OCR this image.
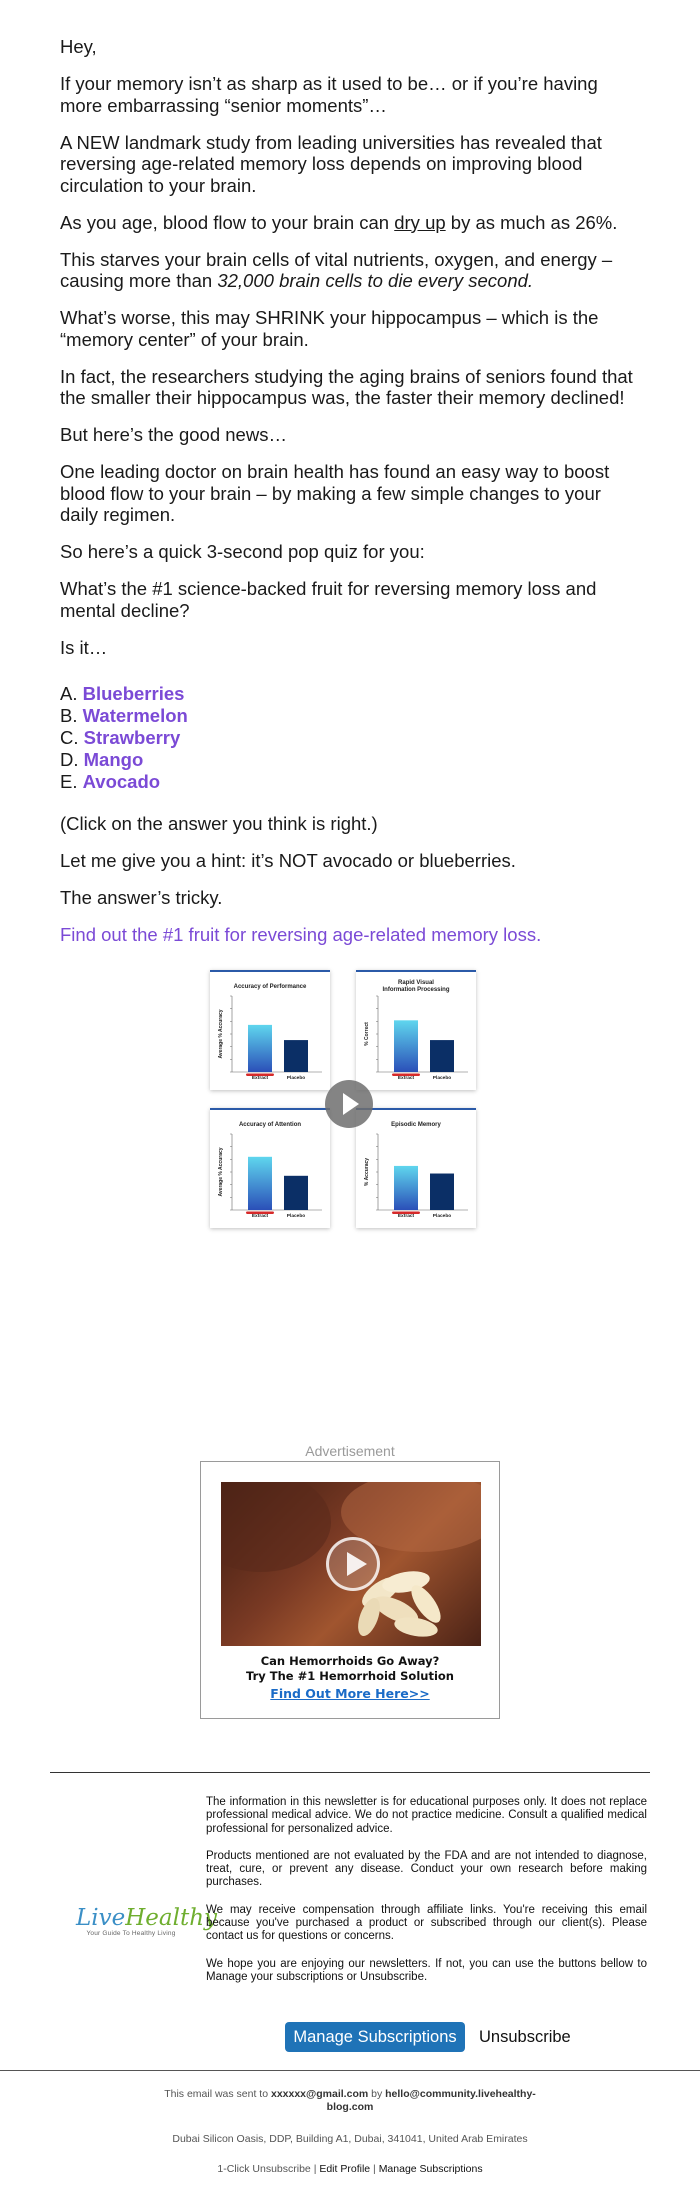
Hey,

If your memory isn’t as sharp as it used to be… or if you’re having more embarrassing “senior moments”…

A NEW landmark study from leading universities has revealed that reversing age-related memory loss depends on improving blood circulation to your brain.

As you age, blood flow to your brain can dry up by as much as 26%.

This starves your brain cells of vital nutrients, oxygen, and energy – causing more than 32,000 brain cells to die every second.

What’s worse, this may SHRINK your hippocampus – which is the “memory center” of your brain.

In fact, the researchers studying the aging brains of seniors found that the smaller their hippocampus was, the faster their memory declined!

But here’s the good news…

One leading doctor on brain health has found an easy way to boost blood flow to your brain – by making a few simple changes to your daily regimen.

So here’s a quick 3-second pop quiz for you:

What’s the #1 science-backed fruit for reversing memory loss and mental decline?

Is it…

A. Blueberries
B. Watermelon
C. Strawberry
D. Mango
E. Avocado

(Click on the answer you think is right.)

Let me give you a hint: it’s NOT avocado or blueberries.

The answer’s tricky.

Find out the #1 fruit for reversing age-related memory loss.
Accuracy of Performance
Average % Accuracy
Extract	Placebo
Rapid Visual Information Processing
% Correct
Extract	Placebo
Accuracy of Attention
Average % Accuracy
Extract	Placebo
Episodic Memory
% Accuracy
Extract	Placebo
Advertisement
Can Hemorrhoids Go Away?
Try The #1 Hemorrhoid Solution
Find Out More Here>>
LiveHealthy
Your Guide To Healthy Living

The information in this newsletter is for educational purposes only. It does not replace professional medical advice. We do not practice medicine. Consult a qualified medical professional for personalized advice.

Products mentioned are not evaluated by the FDA and are not intended to diagnose, treat, cure, or prevent any disease. Conduct your own research before making purchases.

We may receive compensation through affiliate links. You're receiving this email because you've purchased a product or subscribed through our client(s). Please contact us for questions or concerns.

We hope you are enjoying our newsletters. If not, you can use the buttons bellow to Manage your subscriptions or Unsubscribe.

Manage Subscriptions	Unsubscribe
This email was sent to xxxxxx@gmail.com by hello@community.livehealthy-
blog.com
Dubai Silicon Oasis, DDP, Building A1, Dubai, 341041, United Arab Emirates
1-Click Unsubscribe | Edit Profile | Manage Subscriptions
